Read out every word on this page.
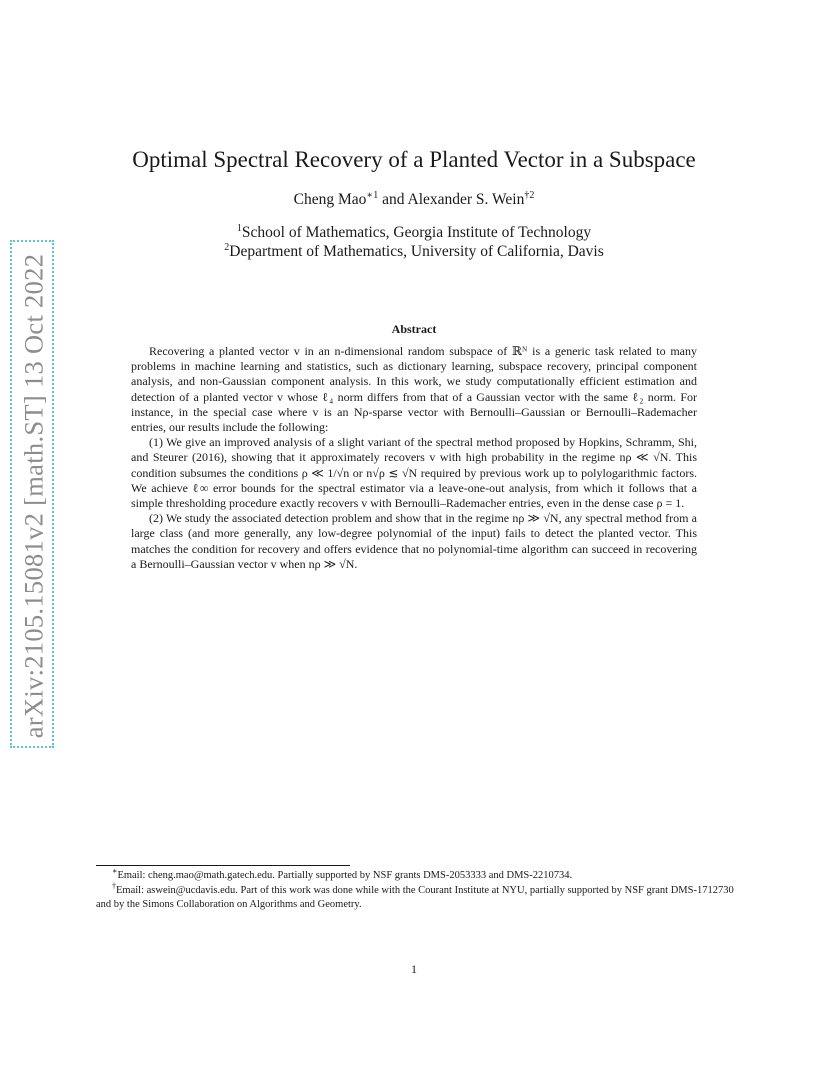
arXiv:2105.15081v2 [math.ST] 13 Oct 2022
Optimal Spectral Recovery of a Planted Vector in a Subspace
Cheng Mao$^{∗1}$ and Alexander S. Wein$^{\dagger 2}$
$^1$School of Mathematics, Georgia Institute of Technology
$^2$Department of Mathematics, University of California, Davis
Abstract

Recovering a planted vector v in an n-dimensional random subspace of ℝᴺ is a generic task related to many problems in machine learning and statistics, such as dictionary learning, subspace recovery, principal component analysis, and non-Gaussian component analysis. In this work, we study computationally efficient estimation and detection of a planted vector v whose ℓ₄ norm differs from that of a Gaussian vector with the same ℓ₂ norm. For instance, in the special case where v is an Nρ-sparse vector with Bernoulli–Gaussian or Bernoulli–Rademacher entries, our results include the following:

(1) We give an improved analysis of a slight variant of the spectral method proposed by Hopkins, Schramm, Shi, and Steurer (2016), showing that it approximately recovers v with high probability in the regime nρ ≪ √N. This condition subsumes the conditions ρ ≪ 1/√n or n√ρ ≲ √N required by previous work up to polylogarithmic factors. We achieve ℓ∞ error bounds for the spectral estimator via a leave-one-out analysis, from which it follows that a simple thresholding procedure exactly recovers v with Bernoulli–Rademacher entries, even in the dense case ρ = 1.

(2) We study the associated detection problem and show that in the regime nρ ≫ √N, any spectral method from a large class (and more generally, any low-degree polynomial of the input) fails to detect the planted vector. This matches the condition for recovery and offers evidence that no polynomial-time algorithm can succeed in recovering a Bernoulli–Gaussian vector v when nρ ≫ √N.

∗Email: cheng.mao@math.gatech.edu. Partially supported by NSF grants DMS-2053333 and DMS-2210734.

†Email: aswein@ucdavis.edu. Part of this work was done while with the Courant Institute at NYU, partially supported by NSF grant DMS-1712730 and by the Simons Collaboration on Algorithms and Geometry.

1
